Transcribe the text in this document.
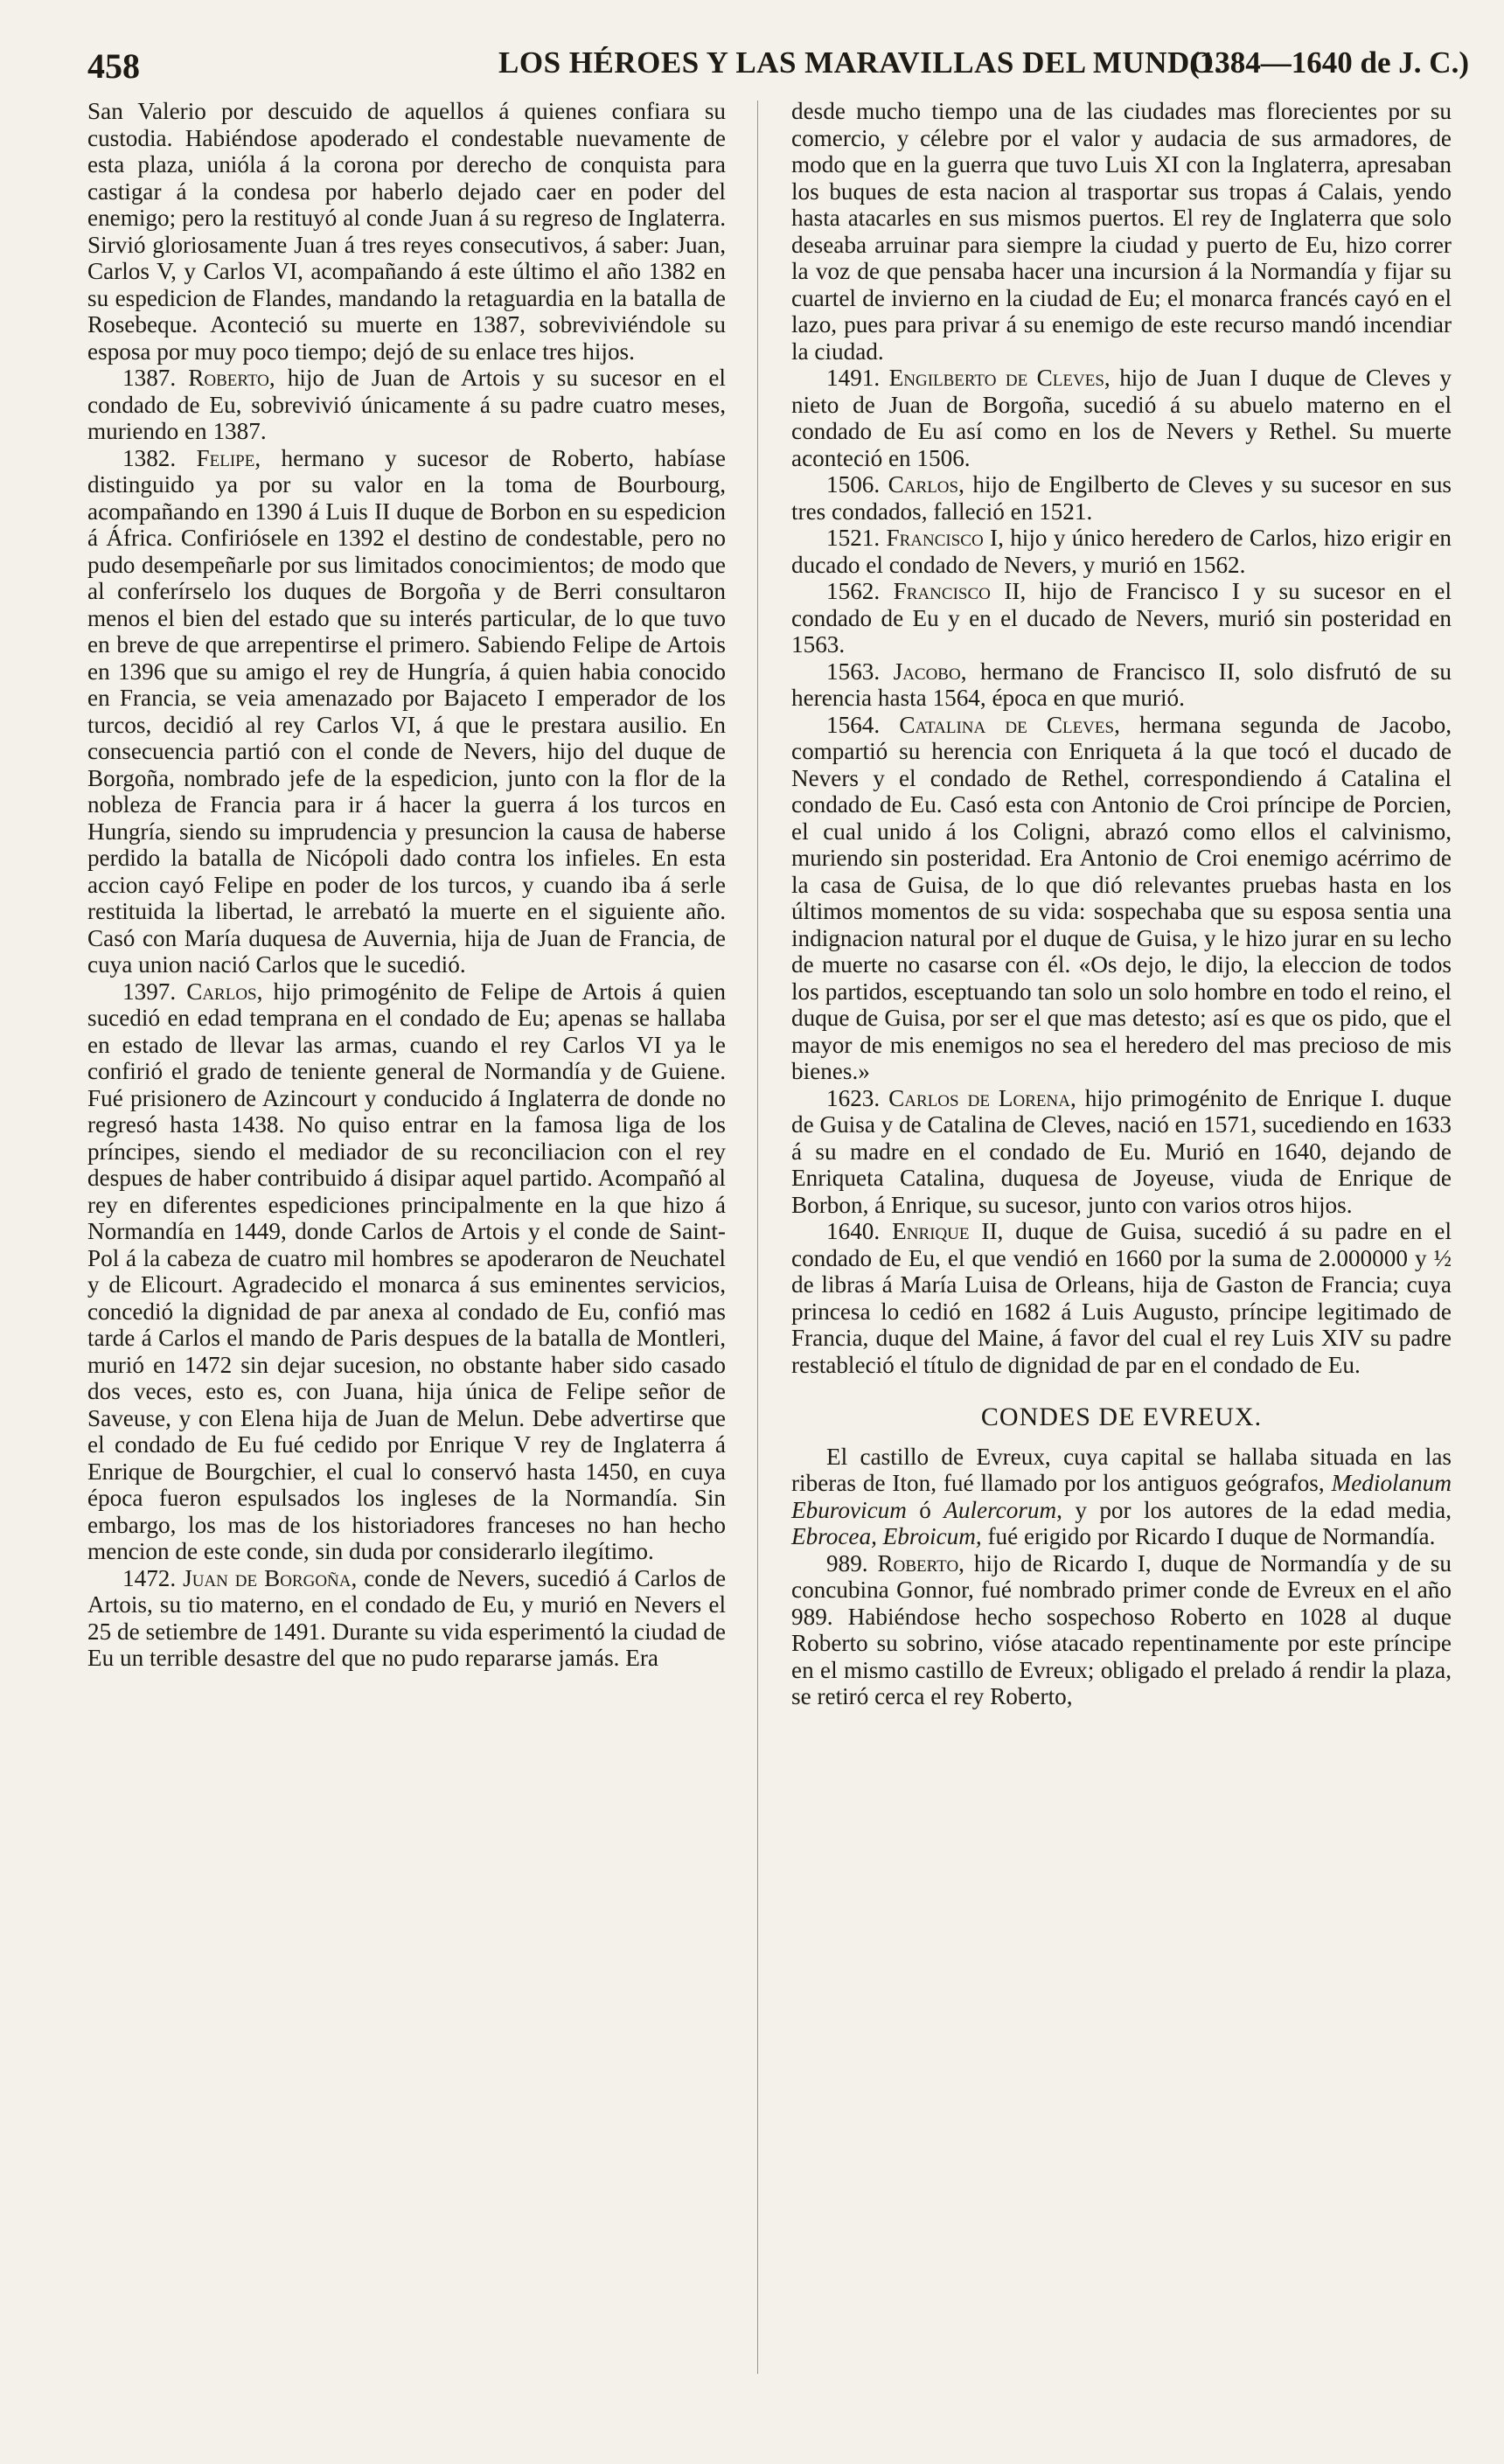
458	LOS HÉROES Y LAS MARAVILLAS DEL MUNDO.
(1384—1640 de J. C.)

San Valerio por descuido de aquellos á quienes confiara su custodia. Habiéndose apoderado el condestable nuevamente de esta plaza, unióla á la corona por derecho de conquista para castigar á la condesa por haberlo dejado caer en poder del enemigo; pero la restituyó al conde Juan á su regreso de Inglaterra. Sirvió gloriosamente Juan á tres reyes consecutivos, á saber: Juan, Carlos V, y Carlos VI, acompañando á este último el año 1382 en su espedicion de Flandes, mandando la retaguardia en la batalla de Rosebeque. Aconteció su muerte en 1387, sobreviviéndole su esposa por muy poco tiempo; dejó de su enlace tres hijos.

1387. Roberto, hijo de Juan de Artois y su sucesor en el condado de Eu, sobrevivió únicamente á su padre cuatro meses, muriendo en 1387.

1382. Felipe, hermano y sucesor de Roberto, habíase distinguido ya por su valor en la toma de Bourbourg, acompañando en 1390 á Luis II duque de Borbon en su espedicion á África. Confiriósele en 1392 el destino de condestable, pero no pudo desempeñarle por sus limitados conocimientos; de modo que al conferírselo los duques de Borgoña y de Berri consultaron menos el bien del estado que su interés particular, de lo que tuvo en breve de que arrepentirse el primero. Sabiendo Felipe de Artois en 1396 que su amigo el rey de Hungría, á quien habia conocido en Francia, se veia amenazado por Bajaceto I emperador de los turcos, decidió al rey Carlos VI, á que le prestara ausilio. En consecuencia partió con el conde de Nevers, hijo del duque de Borgoña, nombrado jefe de la espedicion, junto con la flor de la nobleza de Francia para ir á hacer la guerra á los turcos en Hungría, siendo su imprudencia y presuncion la causa de haberse perdido la batalla de Nicópoli dado contra los infieles. En esta accion cayó Felipe en poder de los turcos, y cuando iba á serle restituida la libertad, le arrebató la muerte en el siguiente año. Casó con María duquesa de Auvernia, hija de Juan de Francia, de cuya union nació Carlos que le sucedió.

1397. Carlos, hijo primogénito de Felipe de Artois á quien sucedió en edad temprana en el condado de Eu; apenas se hallaba en estado de llevar las armas, cuando el rey Carlos VI ya le confirió el grado de teniente general de Normandía y de Guiene. Fué prisionero de Azincourt y conducido á Inglaterra de donde no regresó hasta 1438. No quiso entrar en la famosa liga de los príncipes, siendo el mediador de su reconciliacion con el rey despues de haber contribuido á disipar aquel partido. Acompañó al rey en diferentes espediciones principalmente en la que hizo á Normandía en 1449, donde Carlos de Artois y el conde de Saint-Pol á la cabeza de cuatro mil hombres se apoderaron de Neuchatel y de Elicourt. Agradecido el monarca á sus eminentes servicios, concedió la dignidad de par anexa al condado de Eu, confió mas tarde á Carlos el mando de Paris despues de la batalla de Montleri, murió en 1472 sin dejar sucesion, no obstante haber sido casado dos veces, esto es, con Juana, hija única de Felipe señor de Saveuse, y con Elena hija de Juan de Melun. Debe advertirse que el condado de Eu fué cedido por Enrique V rey de Inglaterra á Enrique de Bourgchier, el cual lo conservó hasta 1450, en cuya época fueron espulsados los ingleses de la Normandía. Sin embargo, los mas de los historiadores franceses no han hecho mencion de este conde, sin duda por considerarlo ilegítimo.

1472. Juan de Borgoña, conde de Nevers, sucedió á Carlos de Artois, su tio materno, en el condado de Eu, y murió en Nevers el 25 de setiembre de 1491. Durante su vida esperimentó la ciudad de Eu un terrible desastre del que no pudo repararse jamás. Era

desde mucho tiempo una de las ciudades mas florecientes por su comercio, y célebre por el valor y audacia de sus armadores, de modo que en la guerra que tuvo Luis XI con la Inglaterra, apresaban los buques de esta nacion al trasportar sus tropas á Calais, yendo hasta atacarles en sus mismos puertos. El rey de Inglaterra que solo deseaba arruinar para siempre la ciudad y puerto de Eu, hizo correr la voz de que pensaba hacer una incursion á la Normandía y fijar su cuartel de invierno en la ciudad de Eu; el monarca francés cayó en el lazo, pues para privar á su enemigo de este recurso mandó incendiar la ciudad.

1491. Engilberto de Cleves, hijo de Juan I duque de Cleves y nieto de Juan de Borgoña, sucedió á su abuelo materno en el condado de Eu así como en los de Nevers y Rethel. Su muerte aconteció en 1506.

1506. Carlos, hijo de Engilberto de Cleves y su sucesor en sus tres condados, falleció en 1521.

1521. Francisco I, hijo y único heredero de Carlos, hizo erigir en ducado el condado de Nevers, y murió en 1562.

1562. Francisco II, hijo de Francisco I y su sucesor en el condado de Eu y en el ducado de Nevers, murió sin posteridad en 1563.

1563. Jacobo, hermano de Francisco II, solo disfrutó de su herencia hasta 1564, época en que murió.

1564. Catalina de Cleves, hermana segunda de Jacobo, compartió su herencia con Enriqueta á la que tocó el ducado de Nevers y el condado de Rethel, correspondiendo á Catalina el condado de Eu. Casó esta con Antonio de Croi príncipe de Porcien, el cual unido á los Coligni, abrazó como ellos el calvinismo, muriendo sin posteridad. Era Antonio de Croi enemigo acérrimo de la casa de Guisa, de lo que dió relevantes pruebas hasta en los últimos momentos de su vida: sospechaba que su esposa sentia una indignacion natural por el duque de Guisa, y le hizo jurar en su lecho de muerte no casarse con él. «Os dejo, le dijo, la eleccion de todos los partidos, esceptuando tan solo un solo hombre en todo el reino, el duque de Guisa, por ser el que mas detesto; así es que os pido, que el mayor de mis enemigos no sea el heredero del mas precioso de mis bienes.»

1623. Carlos de Lorena, hijo primogénito de Enrique I. duque de Guisa y de Catalina de Cleves, nació en 1571, sucediendo en 1633 á su madre en el condado de Eu. Murió en 1640, dejando de Enriqueta Catalina, duquesa de Joyeuse, viuda de Enrique de Borbon, á Enrique, su sucesor, junto con varios otros hijos.

1640. Enrique II, duque de Guisa, sucedió á su padre en el condado de Eu, el que vendió en 1660 por la suma de 2.000000 y ½ de libras á María Luisa de Orleans, hija de Gaston de Francia; cuya princesa lo cedió en 1682 á Luis Augusto, príncipe legitimado de Francia, duque del Maine, á favor del cual el rey Luis XIV su padre restableció el título de dignidad de par en el condado de Eu.

CONDES DE EVREUX.

El castillo de Evreux, cuya capital se hallaba situada en las riberas de Iton, fué llamado por los antiguos geógrafos, Mediolanum Eburovicum ó Aulercorum, y por los autores de la edad media, Ebrocea, Ebroicum, fué erigido por Ricardo I duque de Normandía.

989. Roberto, hijo de Ricardo I, duque de Normandía y de su concubina Gonnor, fué nombrado primer conde de Evreux en el año 989. Habiéndose hecho sospechoso Roberto en 1028 al duque Roberto su sobrino, vióse atacado repentinamente por este príncipe en el mismo castillo de Evreux; obligado el prelado á rendir la plaza, se retiró cerca el rey Roberto,
